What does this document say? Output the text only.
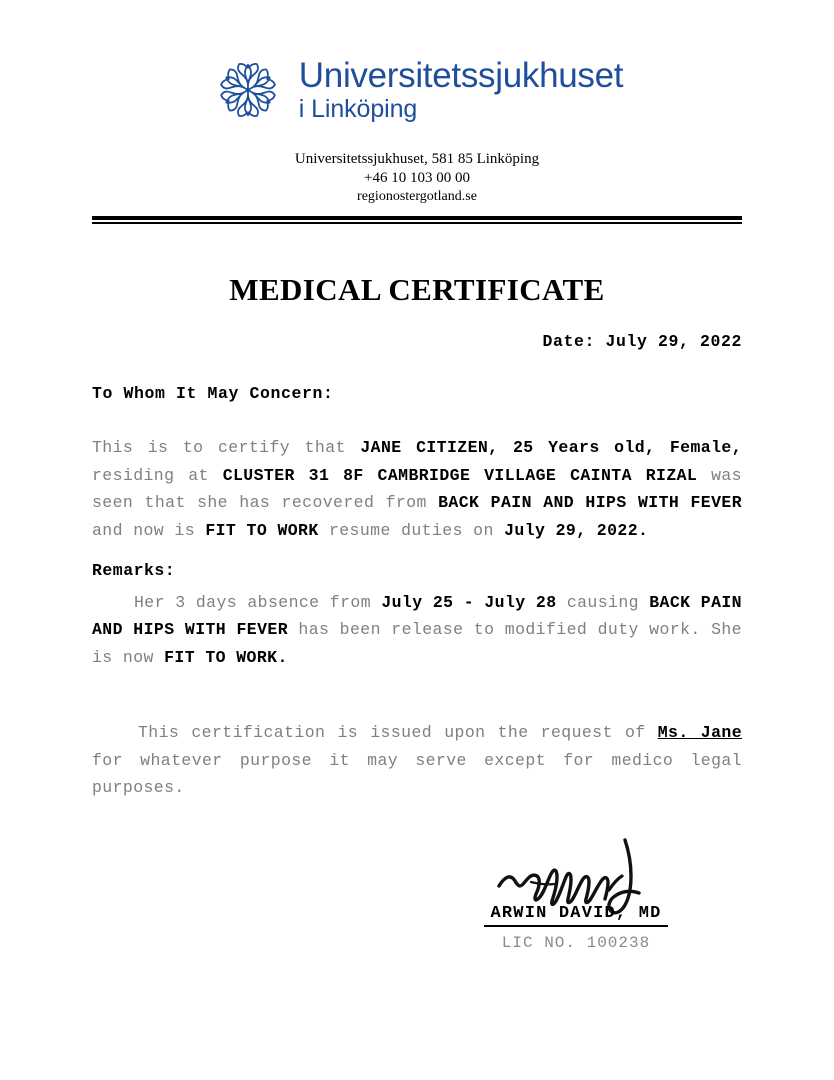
Universitetssjukhuset
i Linköping
Universitetssjukhuset, 581 85 Linköping
+46 10 103 00 00
regionostergotland.se
MEDICAL CERTIFICATE
Date: July 29, 2022
To Whom It May Concern:

This is to certify that JANE CITIZEN, 25 Years old, Female, residing at CLUSTER 31 8F CAMBRIDGE VILLAGE CAINTA RIZAL was seen that she has recovered from BACK PAIN AND HIPS WITH FEVER and now is FIT TO WORK resume duties on July 29, 2022.

Remarks:

Her 3 days absence from July 25 - July 28 causing BACK PAIN AND HIPS WITH FEVER has been release to modified duty work. She is now FIT TO WORK.

This certification is issued upon the request of Ms. Jane for whatever purpose it may serve except for medico legal purposes.

ARWIN DAVID, MD
LIC NO. 100238
